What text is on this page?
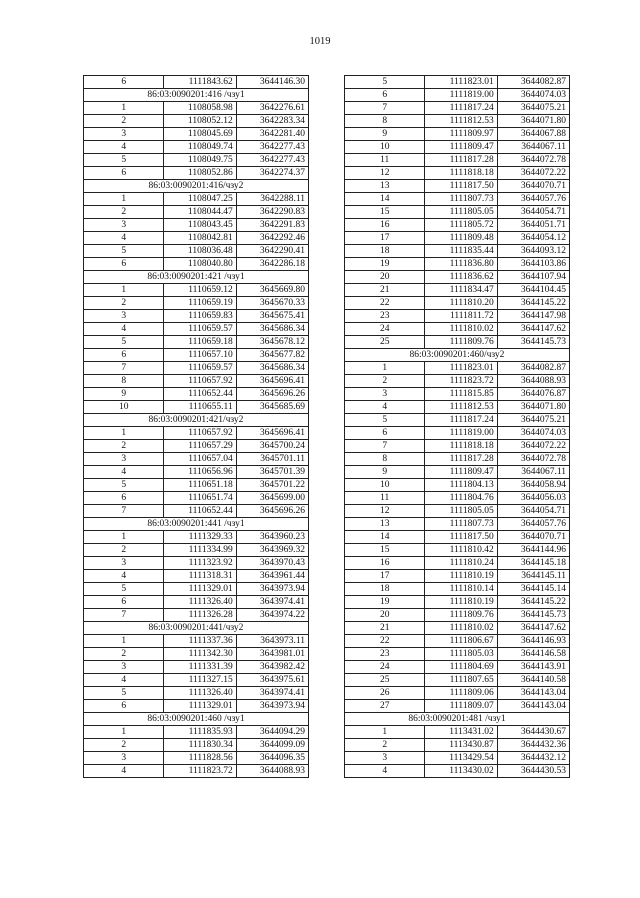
1019
6	1111843.62	3644146.30
86:03:0090201:416 /чзу1		
1	1108058.98	3642276.61
2	1108052.12	3642283.34
3	1108045.69	3642281.40
4	1108049.74	3642277.43
5	1108049.75	3642277.43
6	1108052.86	3642274.37
86:03:0090201:416/чзу2		
1	1108047.25	3642288.11
2	1108044.47	3642290.83
3	1108043.45	3642291.83
4	1108042.81	3642292.46
5	1108036.48	3642290.41
6	1108040.80	3642286.18
86:03:0090201:421 /чзу1		
1	1110659.12	3645669.80
2	1110659.19	3645670.33
3	1110659.83	3645675.41
4	1110659.57	3645686.34
5	1110659.18	3645678.12
6	1110657.10	3645677.82
7	1110659.57	3645686.34
8	1110657.92	3645696.41
9	1110652.44	3645696.26
10	1110655.11	3645685.69
86:03:0090201:421/чзу2		
1	1110657.92	3645696.41
2	1110657.29	3645700.24
3	1110657.04	3645701.11
4	1110656.96	3645701.39
5	1110651.18	3645701.22
6	1110651.74	3645699.00
7	1110652.44	3645696.26
86:03:0090201:441 /чзу1		
1	1111329.33	3643960.23
2	1111334.99	3643969.32
3	1111323.92	3643970.43
4	1111318.31	3643961.44
5	1111329.01	3643973.94
6	1111326.40	3643974.41
7	1111326.28	3643974.22
86:03:0090201:441/чзу2		
1	1111337.36	3643973.11
2	1111342.30	3643981.01
3	1111331.39	3643982.42
4	1111327.15	3643975.61
5	1111326.40	3643974.41
6	1111329.01	3643973.94
86:03:0090201:460 /чзу1		
1	1111835.93	3644094.29
2	1111830.34	3644099.09
3	1111828.56	3644096.35
4	1111823.72	3644088.93
5	1111823.01	3644082.87
6	1111819.00	3644074.03
7	1111817.24	3644075.21
8	1111812.53	3644071.80
9	1111809.97	3644067.88
10	1111809.47	3644067.11
11	1111817.28	3644072.78
12	1111818.18	3644072.22
13	1111817.50	3644070.71
14	1111807.73	3644057.76
15	1111805.05	3644054.71
16	1111805.72	3644051.71
17	1111809.48	3644054.12
18	1111835.44	3644093.12
19	1111836.80	3644103.86
20	1111836.62	3644107.94
21	1111834.47	3644104.45
22	1111810.20	3644145.22
23	1111811.72	3644147.98
24	1111810.02	3644147.62
25	1111809.76	3644145.73
86:03:0090201:460/чзу2		
1	1111823.01	3644082.87
2	1111823.72	3644088.93
3	1111815.85	3644076.87
4	1111812.53	3644071.80
5	1111817.24	3644075.21
6	1111819.00	3644074.03
7	1111818.18	3644072.22
8	1111817.28	3644072.78
9	1111809.47	3644067.11
10	1111804.13	3644058.94
11	1111804.76	3644056.03
12	1111805.05	3644054.71
13	1111807.73	3644057.76
14	1111817.50	3644070.71
15	1111810.42	3644144.96
16	1111810.24	3644145.18
17	1111810.19	3644145.11
18	1111810.14	3644145.14
19	1111810.19	3644145.22
20	1111809.76	3644145.73
21	1111810.02	3644147.62
22	1111806.67	3644146.93
23	1111805.03	3644146.58
24	1111804.69	3644143.91
25	1111807.65	3644140.58
26	1111809.06	3644143.04
27	1111809.07	3644143.04
86:03:0090201:481 /чзу1		
1	1113431.02	3644430.67
2	1113430.87	3644432.36
3	1113429.54	3644432.12
4	1113430.02	3644430.53
